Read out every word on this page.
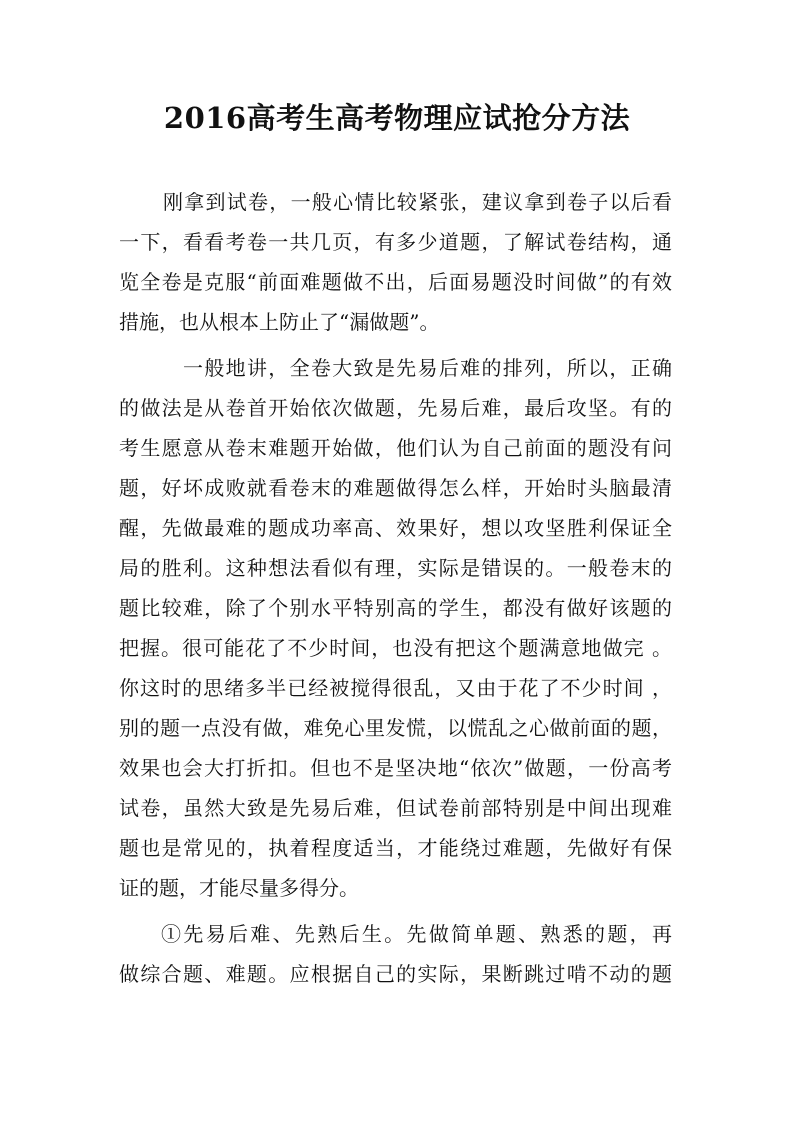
2016高考生高考物理应试抢分方法
刚拿到试卷，一般心情比较紧张，建议拿到卷子以后看
一下，看看考卷一共几页，有多少道题，了解试卷结构，通
览全卷是克服“前面难题做不出，后面易题没时间做”的有效
措施，也从根本上防止了“漏做题”。
一般地讲，全卷大致是先易后难的排列，所以，正确
的做法是从卷首开始依次做题，先易后难，最后攻坚。有的
考生愿意从卷末难题开始做，他们认为自己前面的题没有问
题，好坏成败就看卷末的难题做得怎么样，开始时头脑最清
醒，先做最难的题成功率高、效果好，想以攻坚胜利保证全
局的胜利。这种想法看似有理，实际是错误的。一般卷末的
题比较难，除了个别水平特别高的学生，都没有做好该题的
把握。很可能花了不少时间，也没有把这个题满意地做完 。
你这时的思绪多半已经被搅得很乱，又由于花了不少时间 ，
别的题一点没有做，难免心里发慌，以慌乱之心做前面的题，
效果也会大打折扣。但也不是坚决地“依次”做题，一份高考
试卷，虽然大致是先易后难，但试卷前部特别是中间出现难
题也是常见的，执着程度适当，才能绕过难题，先做好有保
证的题，才能尽量多得分。
①先易后难、先熟后生。先做简单题、熟悉的题，再
做综合题、难题。应根据自己的实际，果断跳过啃不动的题
